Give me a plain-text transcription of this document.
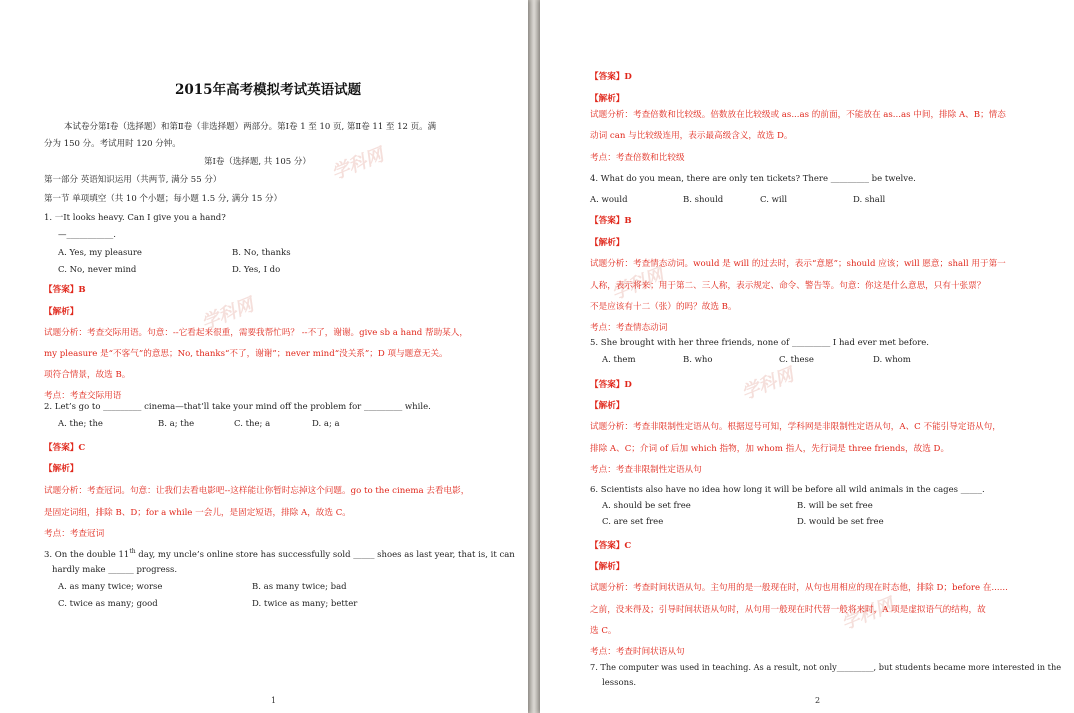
学科网
学科网
2015年高考模拟考试英语试题
本试卷分第Ⅰ卷（选择题）和第Ⅱ卷（非选择题）两部分。第Ⅰ卷 1 至 10 页, 第Ⅱ卷 11 至 12 页。满
分为 150 分。考试用时 120 分钟。
第Ⅰ卷（选择题, 共 105 分）
第一部分 英语知识运用（共两节, 满分 55 分）
第一节 单项填空（共 10 个小题；每小题 1.5 分, 满分 15 分）
1. 一It looks heavy. Can I give you a hand?
—___________.
A. Yes, my pleasure	B. No, thanks
C. No, never mind	D. Yes, I do
【答案】B
【解析】
试题分析：考查交际用语。句意：--它看起来很重，需要我帮忙吗？ --不了，谢谢。give sb a hand 帮助某人，
my pleasure 是“不客气”的意思；No, thanks“不了，谢谢”；never mind“没关系”；D 项与题意无关。
项符合情景，故选 B。
考点：考查交际用语
2. Let’s go to _________ cinema—that’ll take your mind off the problem for _________ while.
A. the; the	B. a; the	C. the; a	D. a; a
【答案】C
【解析】
试题分析：考查冠词。句意：让我们去看电影吧--这样能让你暂时忘掉这个问题。go to the cinema 去看电影，
是固定词组，排除 B、D；for a while 一会儿，是固定短语，排除 A，故选 C。
考点：考查冠词
3. On the double 11th day, my uncle’s online store has successfully sold _____ shoes as last year, that is, it can
hardly make ______ progress.
A. as many twice; worse	B. as many twice; bad
C. twice as many; good	D. twice as many; better
1
学科网
学科网
学科网
【答案】D
【解析】
试题分析：考查倍数和比较级。倍数放在比较级或 as...as 的前面，不能放在 as...as 中间，排除 A、B；情态
动词 can 与比较级连用，表示最高级含义，故选 D。
考点：考查倍数和比较级
4. What do you mean, there are only ten tickets? There _________ be twelve.
A. would	B. should	C. will	D. shall
【答案】B
【解析】
试题分析：考查情态动词。would 是 will 的过去时，表示“意愿”；should 应该；will 愿意；shall 用于第一
人称，表示将来；用于第二、三人称，表示规定、命令、警告等。句意：你这是什么意思，只有十张票？
不是应该有十二（张）的吗？故选 B。
考点：考查情态动词
5. She brought with her three friends, none of _________ I had ever met before.
A. them	B. who	C. these	D. whom
【答案】D
【解析】
试题分析：考查非限制性定语从句。根据逗号可知，学科网是非限制性定语从句，A、C 不能引导定语从句，
排除 A、C；介词 of 后加 which 指物，加 whom 指人，先行词是 three friends，故选 D。
考点：考查非限制性定语从句
6. Scientists also have no idea how long it will be before all wild animals in the cages _____.
A. should be set free	B. will be set free
C. are set free	D. would be set free
【答案】C
【解析】
试题分析：考查时间状语从句。主句用的是一般现在时，从句也用相应的现在时态他，排除 D；before 在......
之前，没来得及；引导时间状语从句时，从句用一般现在时代替一般将来时，A 项是虚拟语气的结构，故
选 C。
考点：考查时间状语从句
7. The computer was used in teaching. As a result, not only_________, but students became more interested in the
lessons.
2
